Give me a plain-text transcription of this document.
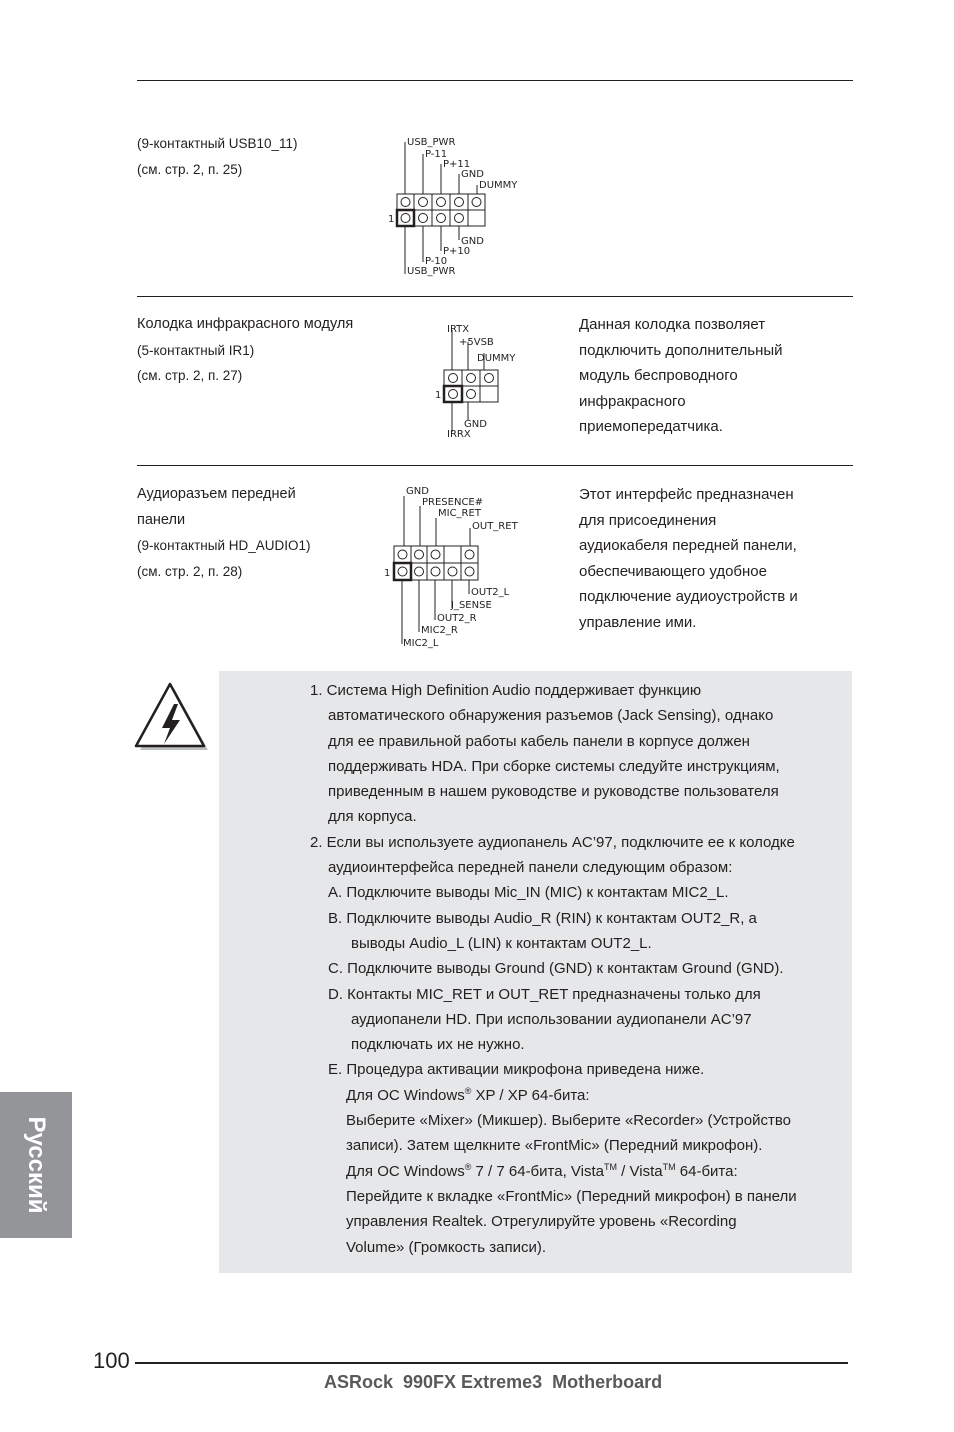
(9-контактный USB10_11)
(см. стр. 2, п. 25)
USB_PWR
P-11
P+11
GND
DUMMY
1
GND
P+10
P-10
USB_PWR
Колодка инфракрасного модуля
(5-контактный IR1)
(см. стр. 2, п. 27)
IRTX
+5VSB
DUMMY
1
GND
IRRX
Данная колодка позволяет
подключить дополнительный
модуль беспроводного
инфракрасного
приемопередатчика.
Аудиоразъем передней
панели
(9-контактный HD_AUDIO1)
(см. стр. 2, п. 28)
GND
PRESENCE#
MIC_RET
OUT_RET
1
OUT2_L
J_SENSE
OUT2_R
MIC2_R
MIC2_L
Этот интерфейс предназначен
для присоединения
аудиокабеля передней панели,
обеспечивающего удобное
подключение аудиоустройств и
управление ими.
1. Система High Definition Audio поддерживает функцию
автоматического обнаружения разъемов (Jack Sensing), однако
для ее правильной работы кабель панели в корпусе должен
поддерживать HDA. При сборке системы следуйте инструкциям,
приведенным в нашем руководстве и руководстве пользователя
для корпуса.
2. Если вы используете аудиопанель AC’97, подключите ее к колодке
аудиоинтерфейса передней панели следующим образом:
A. Подключите выводы Mic_IN (MIC) к контактам MIC2_L.
B. Подключите выводы Audio_R (RIN) к контактам OUT2_R, а
выводы Audio_L (LIN) к контактам OUT2_L.
C. Подключите выводы Ground (GND) к контактам Ground (GND).
D. Контакты MIC_RET и OUT_RET предназначены только для
аудиопанели HD. При использовании аудиопанели AC’97
подключать их не нужно.
E. Процедура активации микрофона приведена ниже.
Для ОС Windows® XP / XP 64-бита:
Выберите «Mixer» (Микшер). Выберите «Recorder» (Устройство
записи). Затем щелкните «FrontMic» (Передний микрофон).
Для ОС Windows® 7 / 7 64-бита, Vista™ / Vista™ 64-бита:
Перейдите к вкладке «FrontMic» (Передний микрофон) в панели
управления Realtek. Отрегулируйте уровень «Recording
Volume» (Громкость записи).
Русский
100
ASRock  990FX Extreme3  Motherboard
